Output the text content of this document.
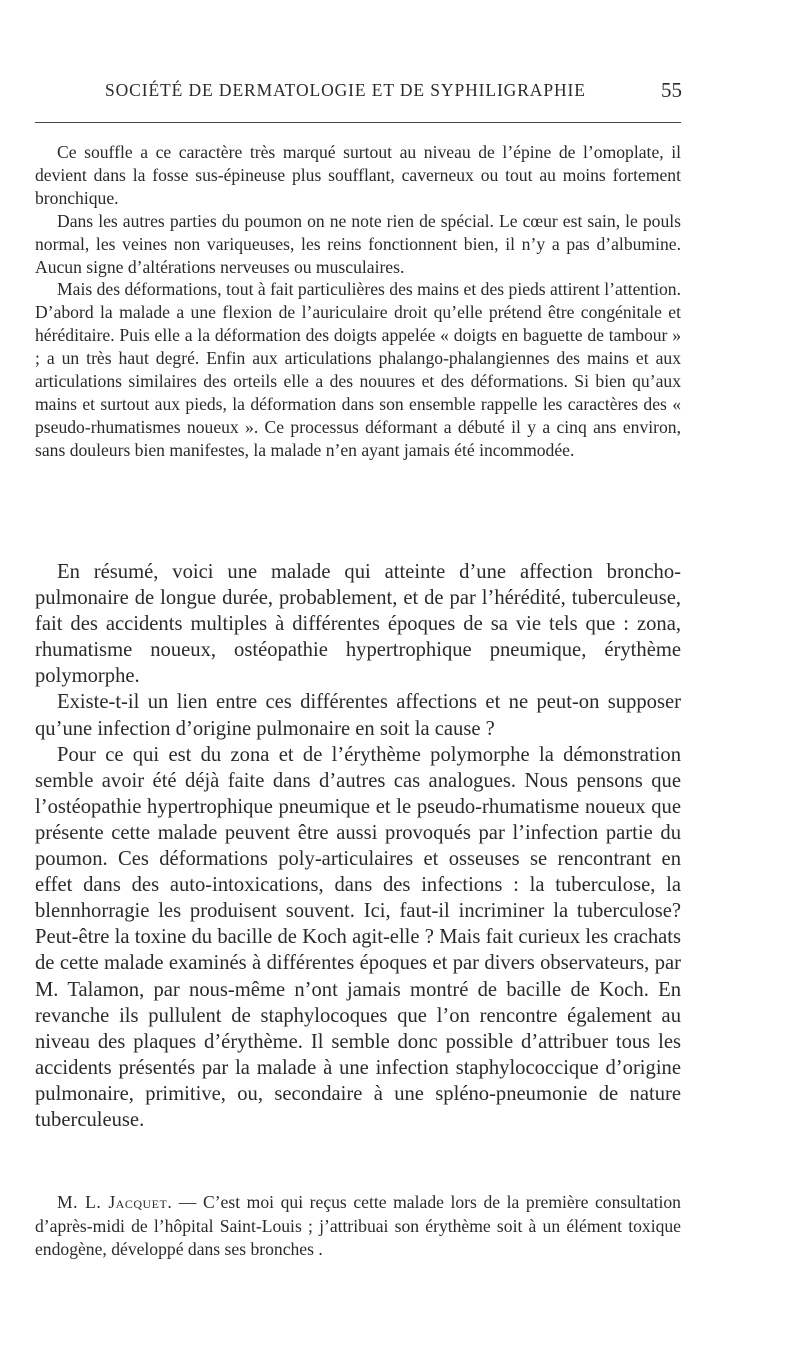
SOCIÉTÉ DE DERMATOLOGIE ET DE SYPHILIGRAPHIE	55

Ce souffle a ce caractère très marqué surtout au niveau de l’épine de l’omoplate, il devient dans la fosse sus-épineuse plus soufflant, caverneux ou tout au moins fortement bronchique.

Dans les autres parties du poumon on ne note rien de spécial. Le cœur est sain, le pouls normal, les veines non variqueuses, les reins fonctionnent bien, il n’y a pas d’albumine. Aucun signe d’altérations nerveuses ou musculaires.

Mais des déformations, tout à fait particulières des mains et des pieds attirent l’attention. D’abord la malade a une flexion de l’auriculaire droit qu’elle prétend être congénitale et héréditaire. Puis elle a la déformation des doigts appelée « doigts en baguette de tambour » ; a un très haut degré. Enfin aux articulations phalango-phalangiennes des mains et aux articulations similaires des orteils elle a des nouures et des déformations. Si bien qu’aux mains et surtout aux pieds, la déformation dans son ensemble rappelle les caractères des « pseudo-rhumatismes noueux ». Ce processus déformant a débuté il y a cinq ans environ, sans douleurs bien manifestes, la malade n’en ayant jamais été incommodée.

En résumé, voici une malade qui atteinte d’une affection broncho-pulmonaire de longue durée, probablement, et de par l’hérédité, tuberculeuse, fait des accidents multiples à différentes époques de sa vie tels que : zona, rhumatisme noueux, ostéopathie hypertrophique pneumique, érythème polymorphe.

Existe-t-il un lien entre ces différentes affections et ne peut-on supposer qu’une infection d’origine pulmonaire en soit la cause ?

Pour ce qui est du zona et de l’érythème polymorphe la démonstration semble avoir été déjà faite dans d’autres cas analogues. Nous pensons que l’ostéopathie hypertrophique pneumique et le pseudo-rhumatisme noueux que présente cette malade peuvent être aussi provoqués par l’infection partie du poumon. Ces déformations poly-articulaires et osseuses se rencontrant en effet dans des auto-intoxications, dans des infections : la tuberculose, la blennhorragie les produisent souvent. Ici, faut-il incriminer la tuberculose? Peut-être la toxine du bacille de Koch agit-elle ? Mais fait curieux les crachats de cette malade examinés à différentes époques et par divers observateurs, par M. Talamon, par nous-même n’ont jamais montré de bacille de Koch. En revanche ils pullulent de staphylocoques que l’on rencontre également au niveau des plaques d’érythème. Il semble donc possible d’attribuer tous les accidents présentés par la malade à une infection staphylococcique d’origine pulmonaire, primitive, ou, secondaire à une spléno-pneumonie de nature tuberculeuse.

M. L. Jacquet. — C’est moi qui reçus cette malade lors de la première consultation d’après-midi de l’hôpital Saint-Louis ; j’attribuai son érythème soit à un élément toxique endogène, développé dans ses bronches .
